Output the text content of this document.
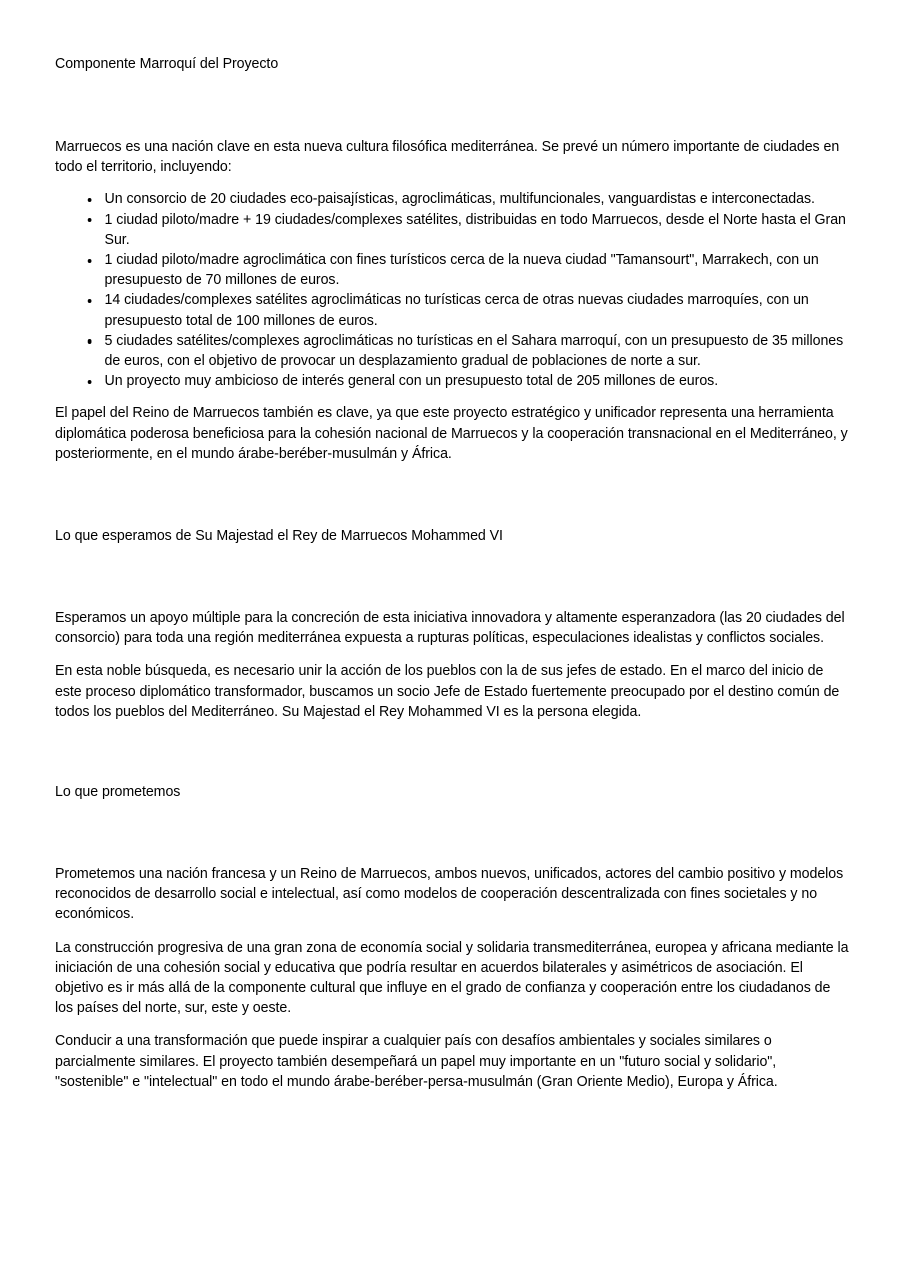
Componente Marroquí del Proyecto

Marruecos es una nación clave en esta nueva cultura filosófica mediterránea. Se prevé un número importante de ciudades en todo el territorio, incluyendo:

Un consorcio de 20 ciudades eco-paisajísticas, agroclimáticas, multifuncionales, vanguardistas e interconectadas.
1 ciudad piloto/madre + 19 ciudades/complexes satélites, distribuidas en todo Marruecos, desde el Norte hasta el Gran Sur.
1 ciudad piloto/madre agroclimática con fines turísticos cerca de la nueva ciudad "Tamansourt", Marrakech, con un presupuesto de 70 millones de euros.
14 ciudades/complexes satélites agroclimáticas no turísticas cerca de otras nuevas ciudades marroquíes, con un presupuesto total de 100 millones de euros.
5 ciudades satélites/complexes agroclimáticas no turísticas en el Sahara marroquí, con un presupuesto de 35 millones de euros, con el objetivo de provocar un desplazamiento gradual de poblaciones de norte a sur.
Un proyecto muy ambicioso de interés general con un presupuesto total de 205 millones de euros.

El papel del Reino de Marruecos también es clave, ya que este proyecto estratégico y unificador representa una herramienta diplomática poderosa beneficiosa para la cohesión nacional de Marruecos y la cooperación transnacional en el Mediterráneo, y posteriormente, en el mundo árabe-beréber-musulmán y África.

Lo que esperamos de Su Majestad el Rey de Marruecos Mohammed VI

Esperamos un apoyo múltiple para la concreción de esta iniciativa innovadora y altamente esperanzadora (las 20 ciudades del consorcio) para toda una región mediterránea expuesta a rupturas políticas, especulaciones idealistas y conflictos sociales.

En esta noble búsqueda, es necesario unir la acción de los pueblos con la de sus jefes de estado. En el marco del inicio de este proceso diplomático transformador, buscamos un socio Jefe de Estado fuertemente preocupado por el destino común de todos los pueblos del Mediterráneo. Su Majestad el Rey Mohammed VI es la persona elegida.

Lo que prometemos

Prometemos una nación francesa y un Reino de Marruecos, ambos nuevos, unificados, actores del cambio positivo y modelos reconocidos de desarrollo social e intelectual, así como modelos de cooperación descentralizada con fines societales y no económicos.

La construcción progresiva de una gran zona de economía social y solidaria transmediterránea, europea y africana mediante la iniciación de una cohesión social y educativa que podría resultar en acuerdos bilaterales y asimétricos de asociación. El objetivo es ir más allá de la componente cultural que influye en el grado de confianza y cooperación entre los ciudadanos de los países del norte, sur, este y oeste.

Conducir a una transformación que puede inspirar a cualquier país con desafíos ambientales y sociales similares o parcialmente similares. El proyecto también desempeñará un papel muy importante en un "futuro social y solidario", "sostenible" e "intelectual" en todo el mundo árabe-beréber-persa-musulmán (Gran Oriente Medio), Europa y África.
